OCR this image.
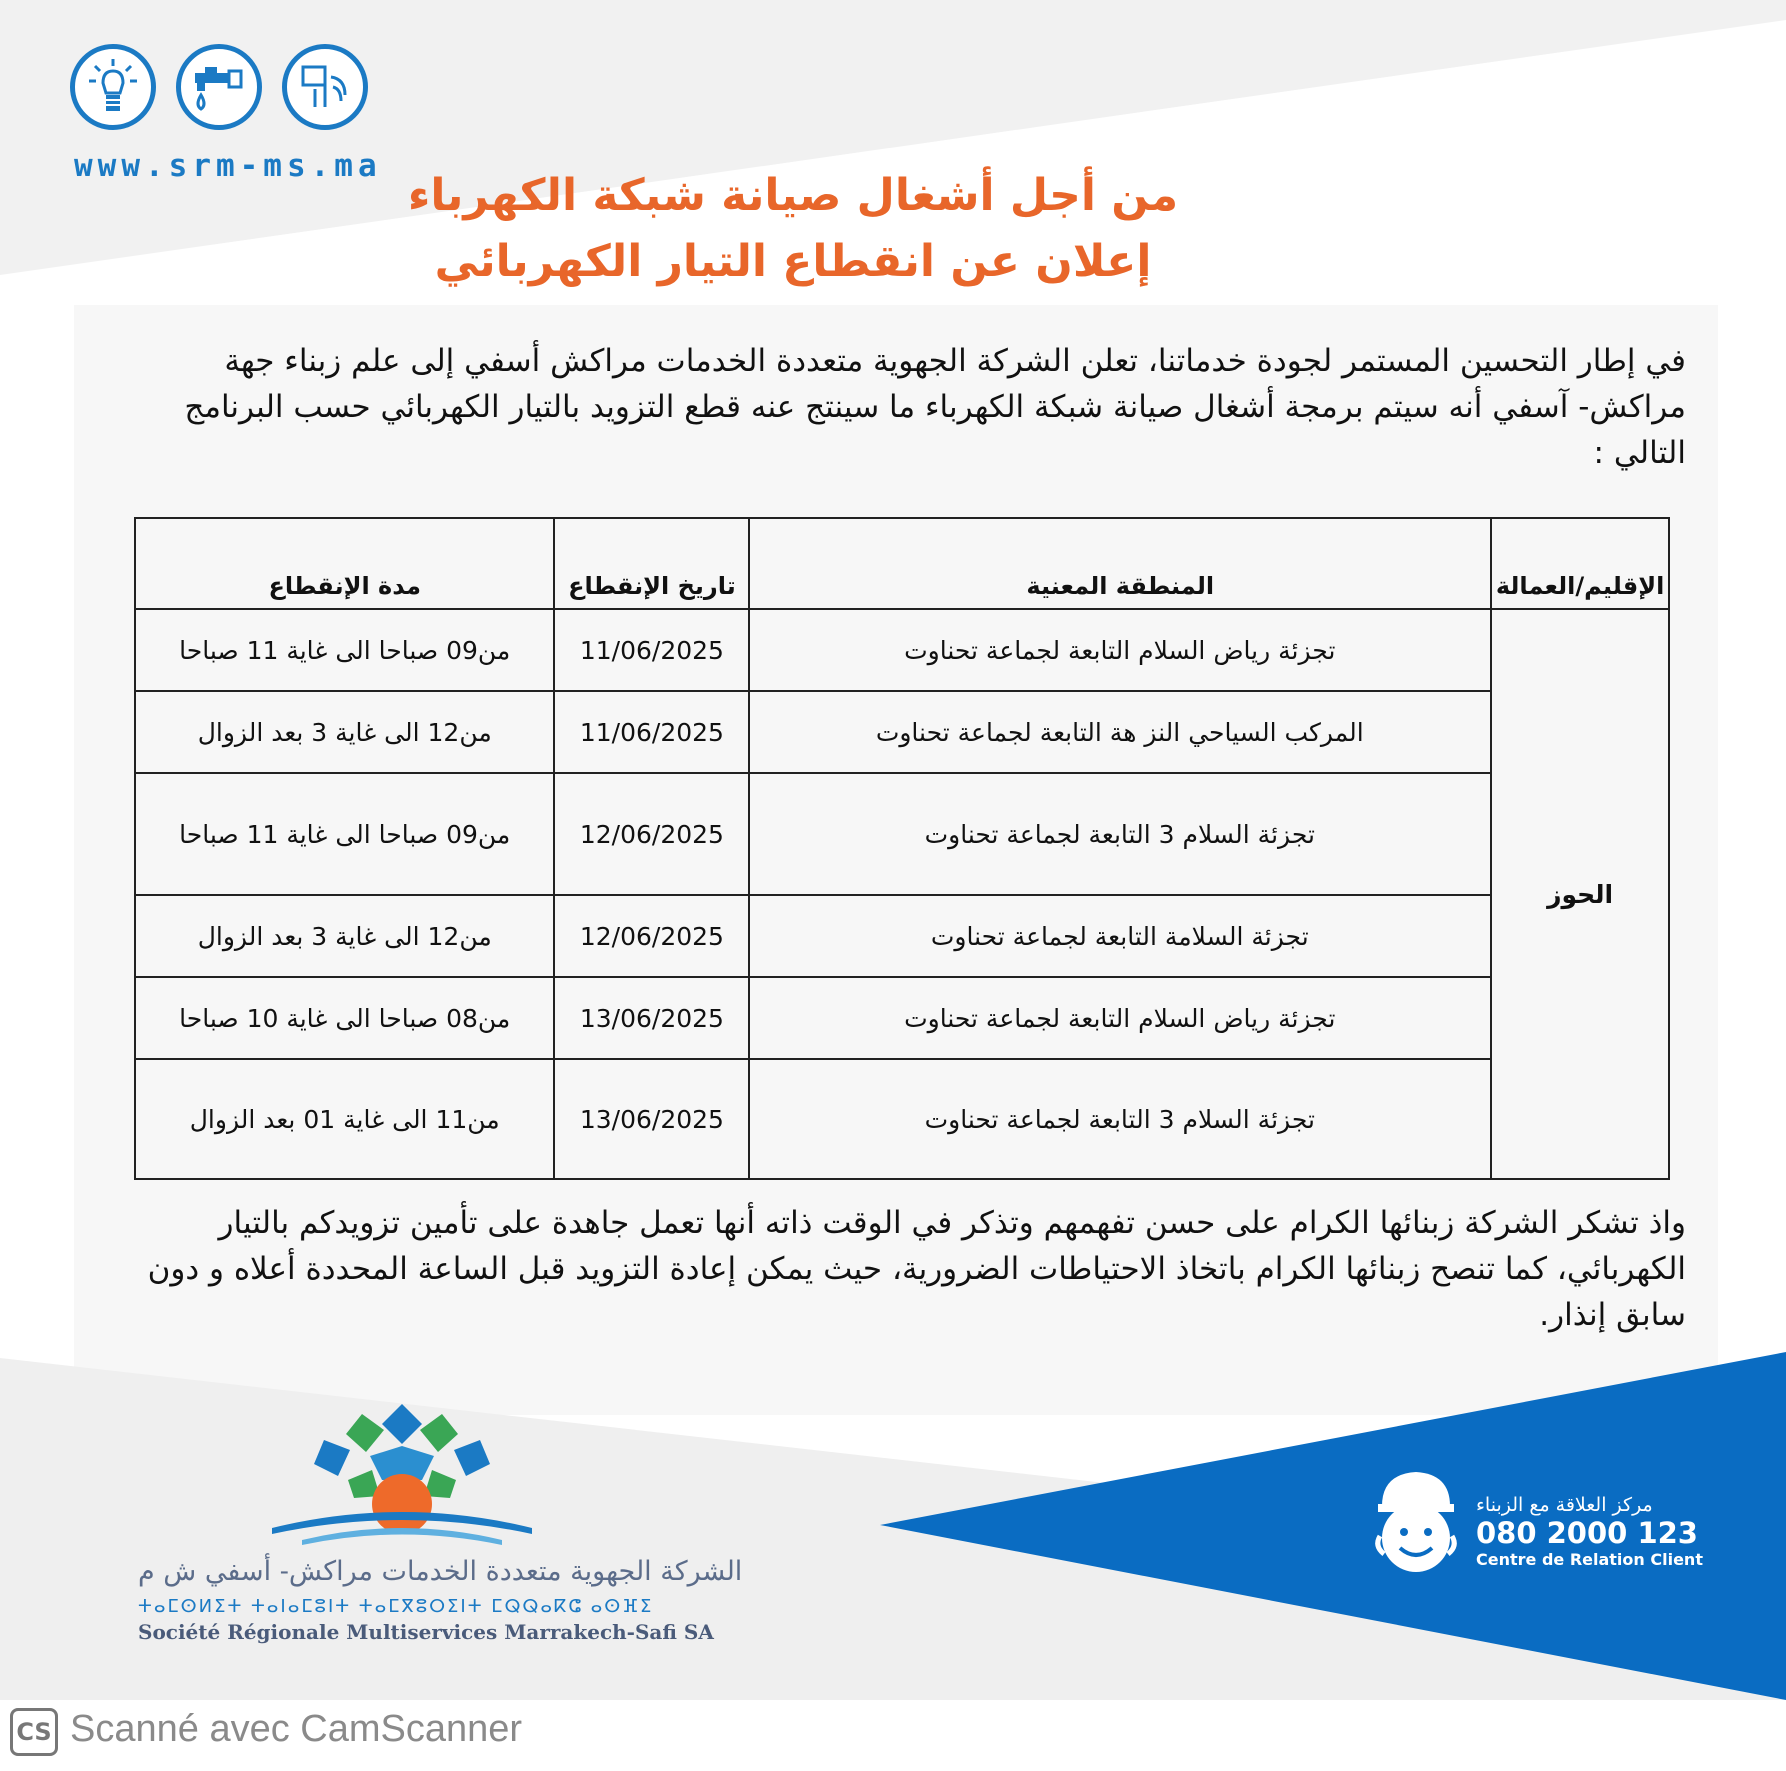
www.srm-ms.ma
من أجل أشغال صيانة شبكة الكهرباء
إعلان عن انقطاع التيار الكهربائي
في إطار التحسين المستمر لجودة خدماتنا، تعلن الشركة الجهوية متعددة الخدمات مراكش أسفي إلى علم زبناء جهة مراكش- آسفي أنه سيتم برمجة أشغال صيانة شبكة الكهرباء ما سينتج عنه قطع التزويد بالتيار الكهربائي حسب البرنامج التالي :
الإقليم/العمالة	المنطقة المعنية	تاريخ الإنقطاع	مدة الإنقطاع
الحوز	تجزئة رياض السلام التابعة لجماعة تحناوت	11/06/2025	من09 صباحا الى غاية 11 صباحا
	المركب السياحي النز هة التابعة لجماعة تحناوت	11/06/2025	من12 الى غاية 3 بعد الزوال
	تجزئة السلام 3 التابعة لجماعة تحناوت	12/06/2025	من09 صباحا الى غاية 11 صباحا
	تجزئة السلامة التابعة لجماعة تحناوت	12/06/2025	من12 الى غاية 3 بعد الزوال
	تجزئة رياض السلام التابعة لجماعة تحناوت	13/06/2025	من08 صباحا الى غاية 10 صباحا
	تجزئة السلام 3 التابعة لجماعة تحناوت	13/06/2025	من11 الى غاية 01 بعد الزوال
واذ تشكر الشركة زبنائها الكرام على حسن تفهمهم وتذكر في الوقت ذاته أنها تعمل جاهدة على تأمين تزويدكم بالتيار الكهربائي، كما تنصح زبنائها الكرام باتخاذ الاحتياطات الضرورية، حيث يمكن إعادة التزويد قبل الساعة المحددة أعلاه و دون سابق إنذار.
الشركة الجهوية متعددة الخدمات مراكش- أسفي ش م
ⵜⴰⵎⵙⵍⵉⵜ ⵜⴰⵏⴰⵎⵓⵏⵜ ⵜⴰⵎⴳⵓⵔⵉⵏⵜ ⵎⵕⵕⴰⴽⵛ ⴰⵙⴼⵉ
Société Régionale Multiservices Marrakech-Safi SA
مركز العلاقة مع الزبناء
080 2000 123
Centre de Relation Client
CS Scanné avec CamScanner
